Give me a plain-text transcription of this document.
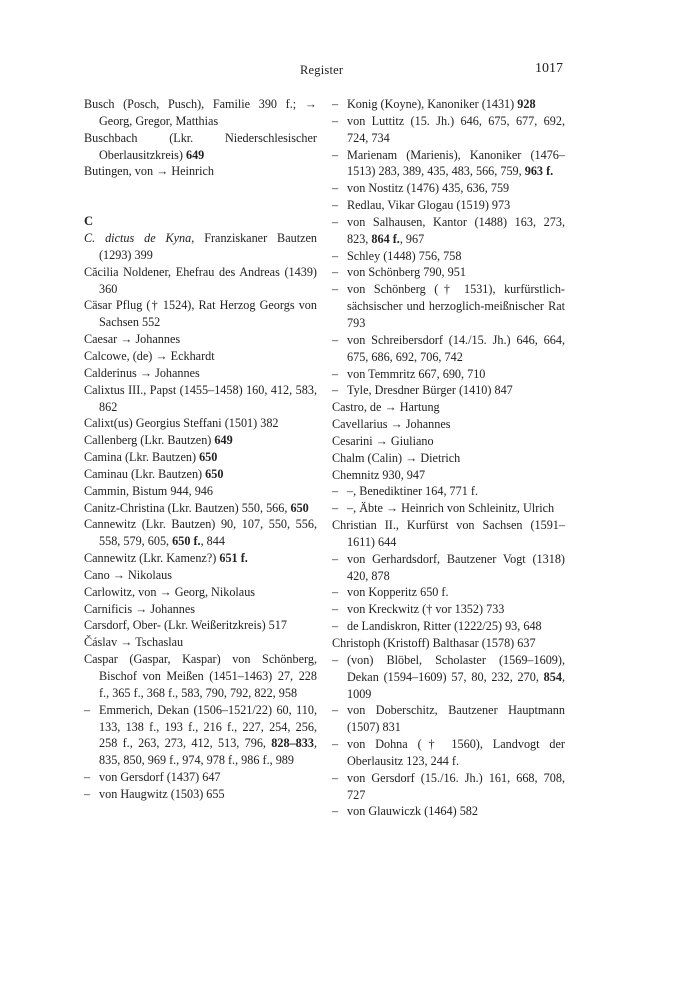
Register	1017
Busch (Posch, Pusch), Familie 390 f.; → Georg, Gregor, Matthias
Buschbach (Lkr. Niederschlesischer Oberlausitzkreis) 649
Butingen, von → Heinrich
C
C. dictus de Kyna, Franziskaner Bautzen (1293) 399
Căcilia Noldener, Ehefrau des Andreas (1439) 360
Cäsar Pflug († 1524), Rat Herzog Georgs von Sachsen 552
Caesar → Johannes
Calcowe, (de) → Eckhardt
Calderinus → Johannes
Calixtus III., Papst (1455–1458) 160, 412, 583, 862
Calixt(us) Georgius Steffani (1501) 382
Callenberg (Lkr. Bautzen) 649
Camina (Lkr. Bautzen) 650
Caminau (Lkr. Bautzen) 650
Cammin, Bistum 944, 946
Canitz-Christina (Lkr. Bautzen) 550, 566, 650
Cannewitz (Lkr. Bautzen) 90, 107, 550, 556, 558, 579, 605, 650 f., 844
Cannewitz (Lkr. Kamenz?) 651 f.
Cano → Nikolaus
Carlowitz, von → Georg, Nikolaus
Carnificis → Johannes
Carsdorf, Ober- (Lkr. Weißeritzkreis) 517
Čáslav → Tschaslau
Caspar (Gaspar, Kaspar) von Schönberg, Bischof von Meißen (1451–1463) 27, 228 f., 365 f., 368 f., 583, 790, 792, 822, 958
– Emmerich, Dekan (1506–1521/22) 60, 110, 133, 138 f., 193 f., 216 f., 227, 254, 256, 258 f., 263, 273, 412, 513, 796, 828–833, 835, 850, 969 f., 974, 978 f., 986 f., 989
– von Gersdorf (1437) 647
– von Haugwitz (1503) 655
– Konig (Koyne), Kanoniker (1431) 928
– von Luttitz (15. Jh.) 646, 675, 677, 692, 724, 734
– Marienam (Marienis), Kanoniker (1476–1513) 283, 389, 435, 483, 566, 759, 963 f.
– von Nostitz (1476) 435, 636, 759
– Redlau, Vikar Glogau (1519) 973
– von Salhausen, Kantor (1488) 163, 273, 823, 864 f., 967
– Schley (1448) 756, 758
– von Schönberg 790, 951
– von Schönberg († 1531), kurfürstlich-sächsischer und herzoglich-meißnischer Rat 793
– von Schreibersdorf (14./15. Jh.) 646, 664, 675, 686, 692, 706, 742
– von Temmritz 667, 690, 710
– Tyle, Dresdner Bürger (1410) 847
Castro, de → Hartung
Cavellarius → Johannes
Cesarini → Giuliano
Chalm (Calin) → Dietrich
Chemnitz 930, 947
– –, Benediktiner 164, 771 f.
– –, Äbte → Heinrich von Schleinitz, Ulrich
Christian II., Kurfürst von Sachsen (1591–1611) 644
– von Gerhardsdorf, Bautzener Vogt (1318) 420, 878
– von Kopperitz 650 f.
– von Kreckwitz († vor 1352) 733
– de Landiskron, Ritter (1222/25) 93, 648
Christoph (Kristoff) Balthasar (1578) 637
– (von) Blöbel, Scholaster (1569–1609), Dekan (1594–1609) 57, 80, 232, 270, 854, 1009
– von Doberschitz, Bautzener Hauptmann (1507) 831
– von Dohna († 1560), Landvogt der Oberlausitz 123, 244 f.
– von Gersdorf (15./16. Jh.) 161, 668, 708, 727
– von Glauwiczk (1464) 582
